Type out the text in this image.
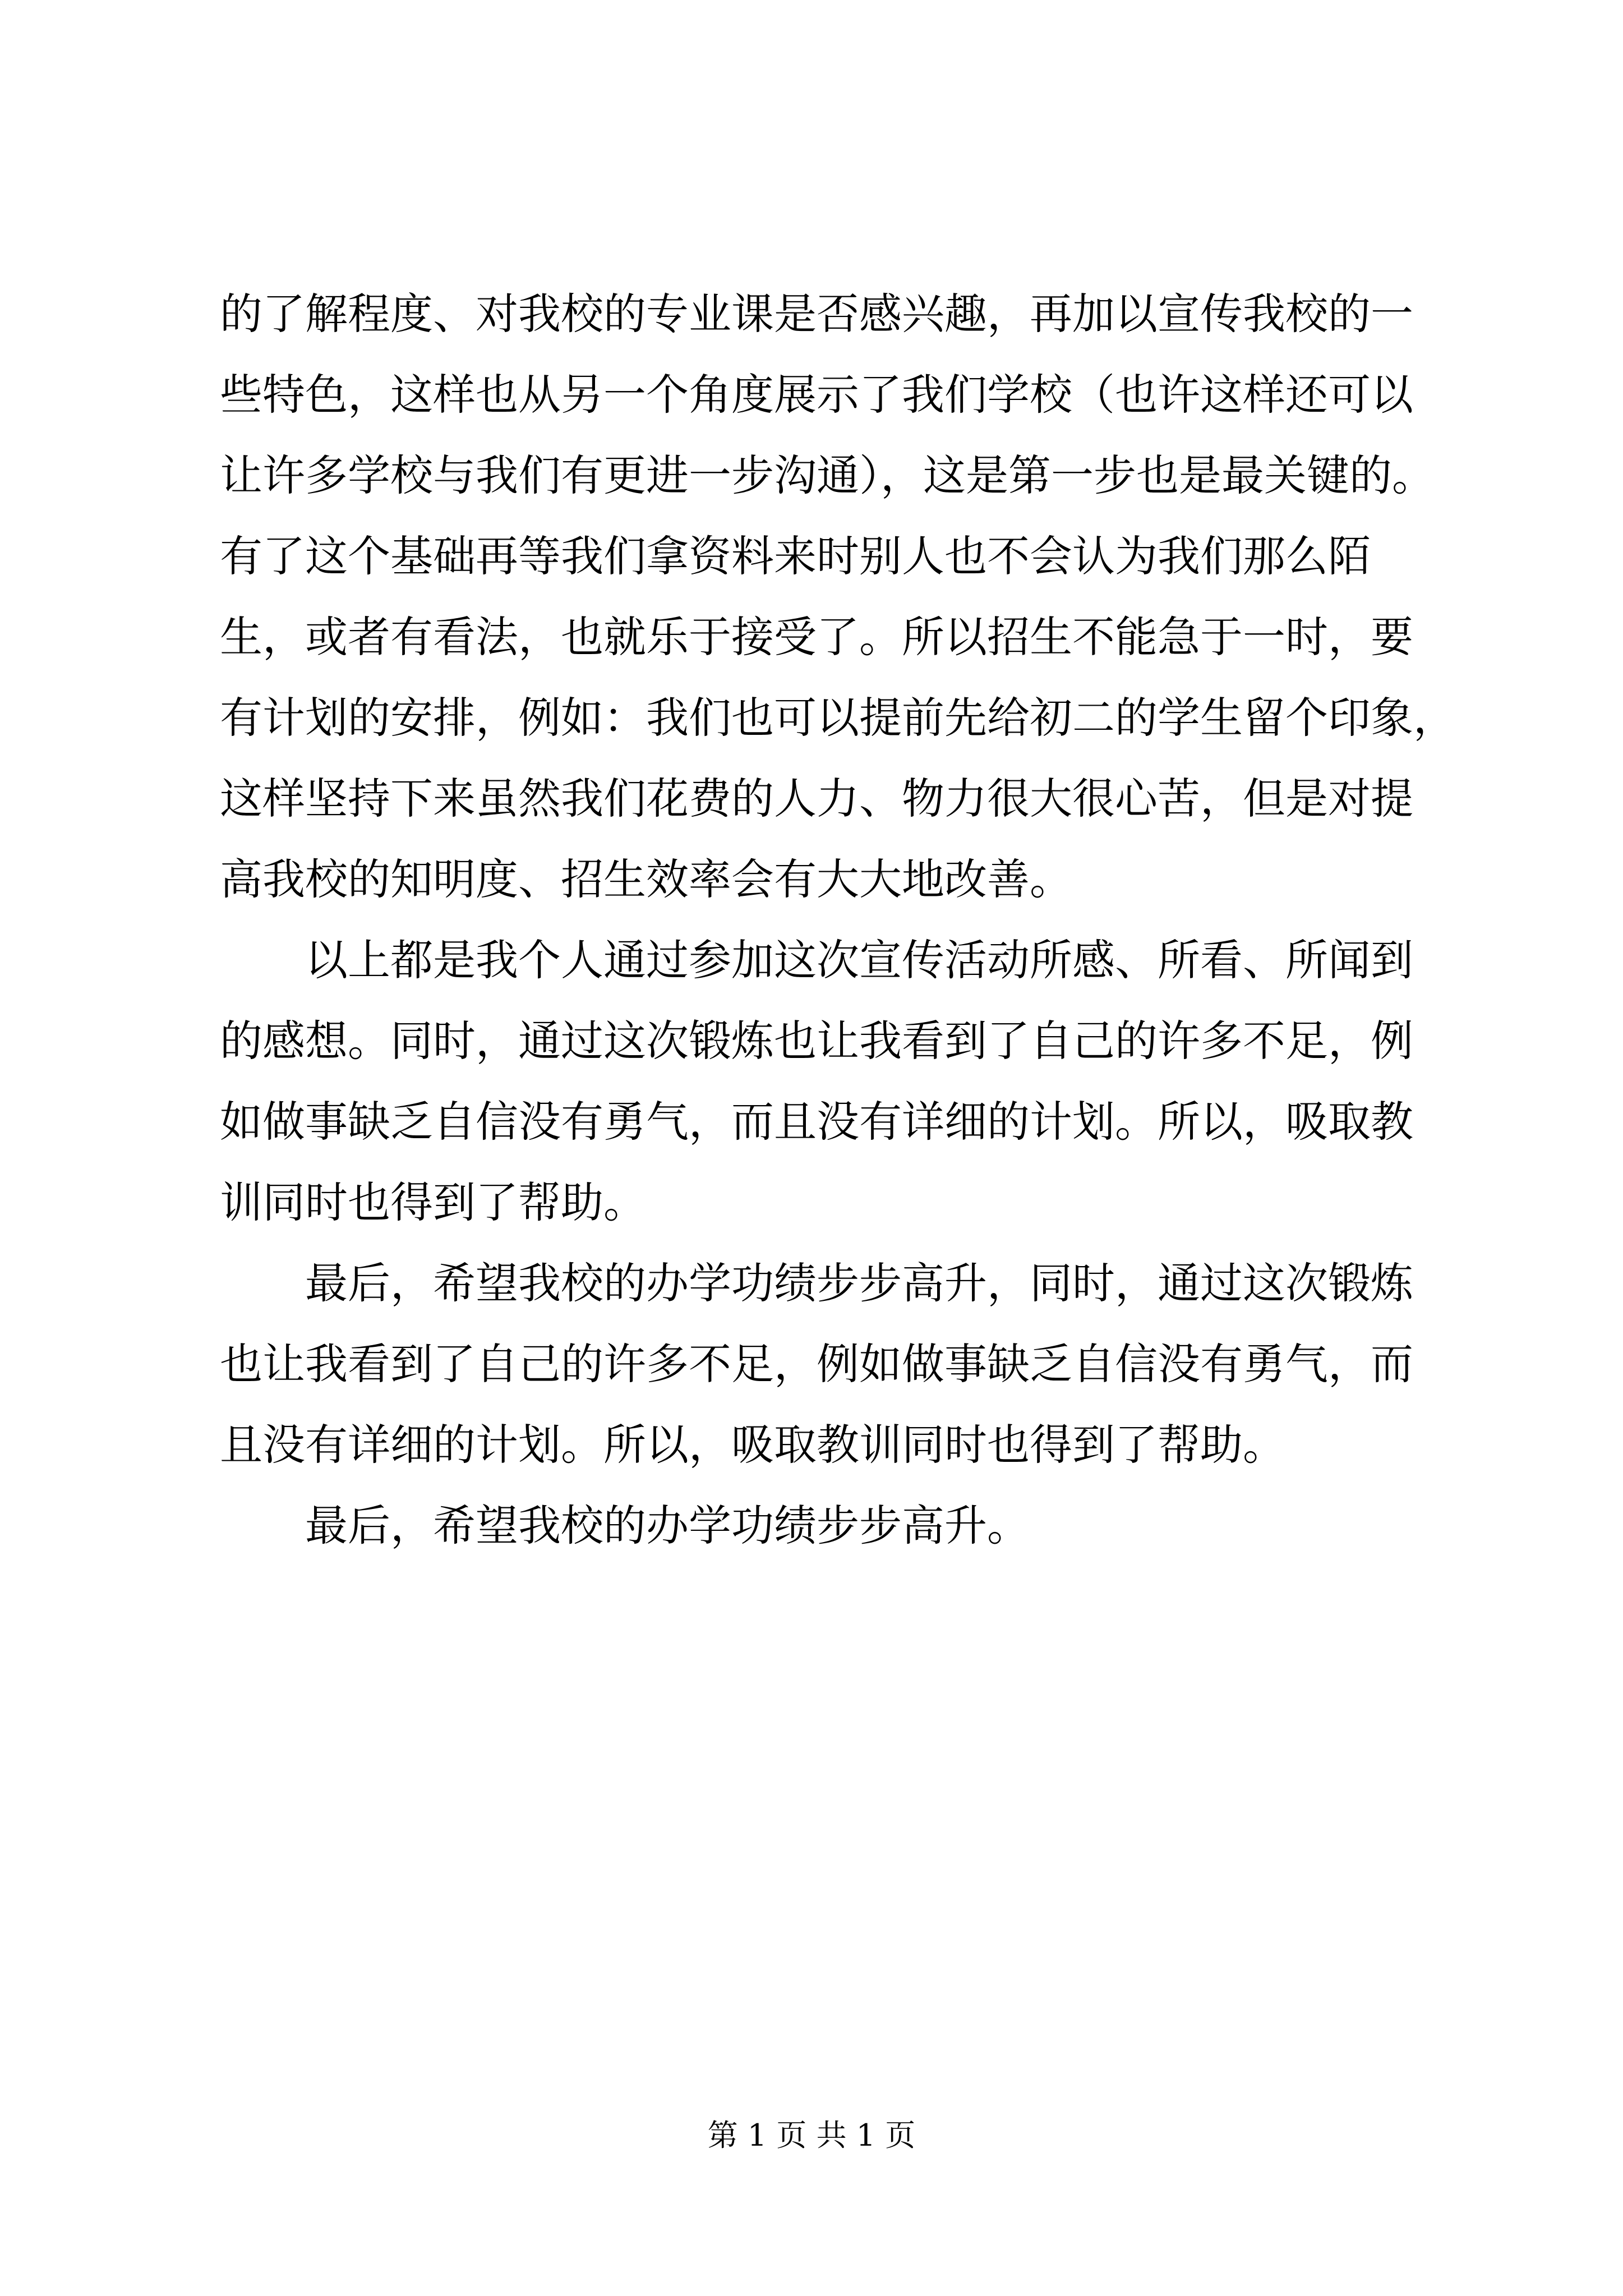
的了解程度、对我校的专业课是否感兴趣，再加以宣传我校的一
些特色，这样也从另一个角度展示了我们学校（也许这样还可以
让许多学校与我们有更进一步沟通），这是第一步也是最关键的。
有了这个基础再等我们拿资料来时别人也不会认为我们那么陌
生，或者有看法，也就乐于接受了。所以招生不能急于一时，要
有计划的安排，例如：我们也可以提前先给初二的学生留个印象，
这样坚持下来虽然我们花费的人力、物力很大很心苦，但是对提
高我校的知明度、招生效率会有大大地改善。

以上都是我个人通过参加这次宣传活动所感、所看、所闻到
的感想。同时，通过这次锻炼也让我看到了自己的许多不足，例
如做事缺乏自信没有勇气，而且没有详细的计划。所以，吸取教
训同时也得到了帮助。

最后，希望我校的办学功绩步步高升，同时，通过这次锻炼
也让我看到了自己的许多不足，例如做事缺乏自信没有勇气，而
且没有详细的计划。所以，吸取教训同时也得到了帮助。

最后，希望我校的办学功绩步步高升。

第 1 页 共 1 页
